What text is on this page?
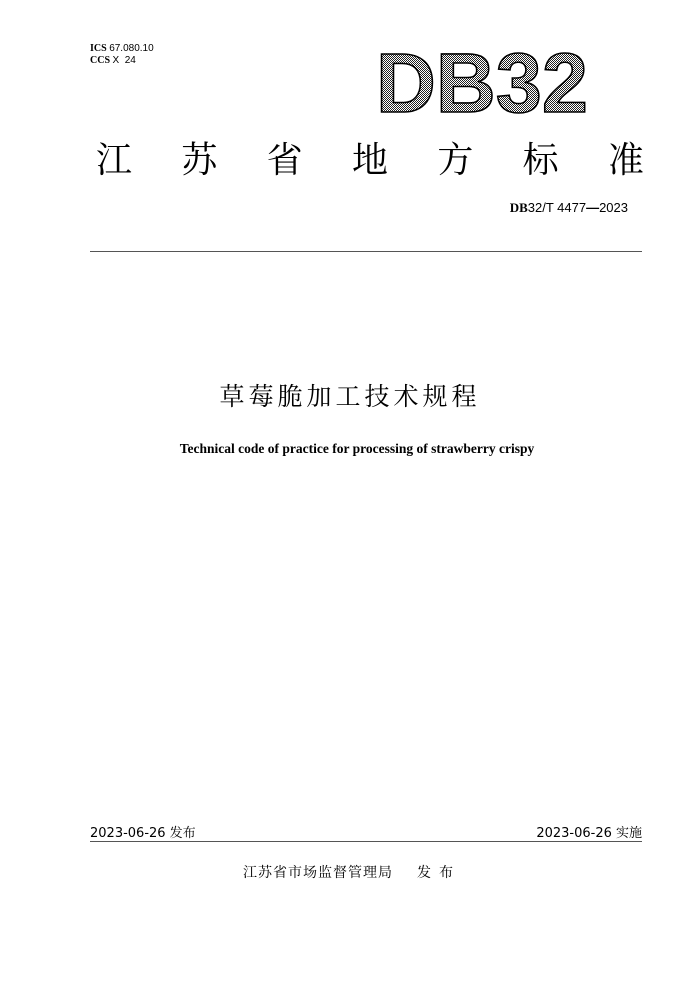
ICS 67.080.10
CCS X  24	DB32
江 苏 省 地 方 标 准
DB32/T 4477—2023
草莓脆加工技术规程
Technical code of practice for processing of strawberry crispy
2023-06-26 发布	2023-06-26 实施
江苏省市场监督管理局 发布
